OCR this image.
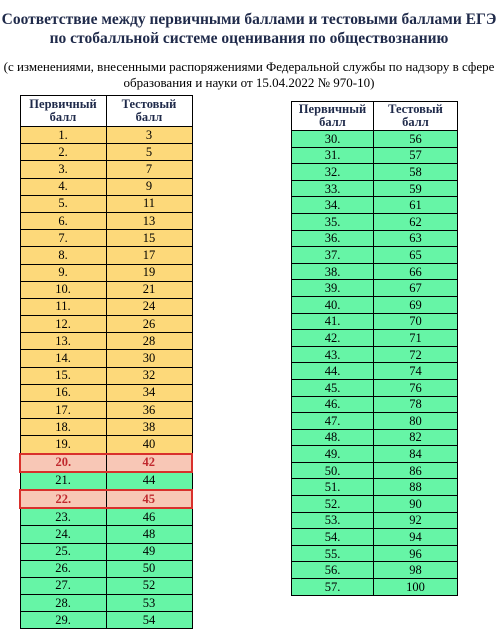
Соответствие между первичными баллами и тестовыми баллами ЕГЭ
по стобалльной системе оценивания по обществознанию
(с изменениями, внесенными распоряжениями Федеральной службы по надзору в сфере
образования и науки от 15.04.2022 № 970-10)
Первичный
балл	Тестовый
балл
1.	3
2.	5
3.	7
4.	9
5.	11
6.	13
7.	15
8.	17
9.	19
10.	21
11.	24
12.	26
13.	28
14.	30
15.	32
16.	34
17.	36
18.	38
19.	40
20.	42
21.	44
22.	45
23.	46
24.	48
25.	49
26.	50
27.	52
28.	53
29.	54
Первичный
балл	Тестовый
балл
30.	56
31.	57
32.	58
33.	59
34.	61
35.	62
36.	63
37.	65
38.	66
39.	67
40.	69
41.	70
42.	71
43.	72
44.	74
45.	76
46.	78
47.	80
48.	82
49.	84
50.	86
51.	88
52.	90
53.	92
54.	94
55.	96
56.	98
57.	100
